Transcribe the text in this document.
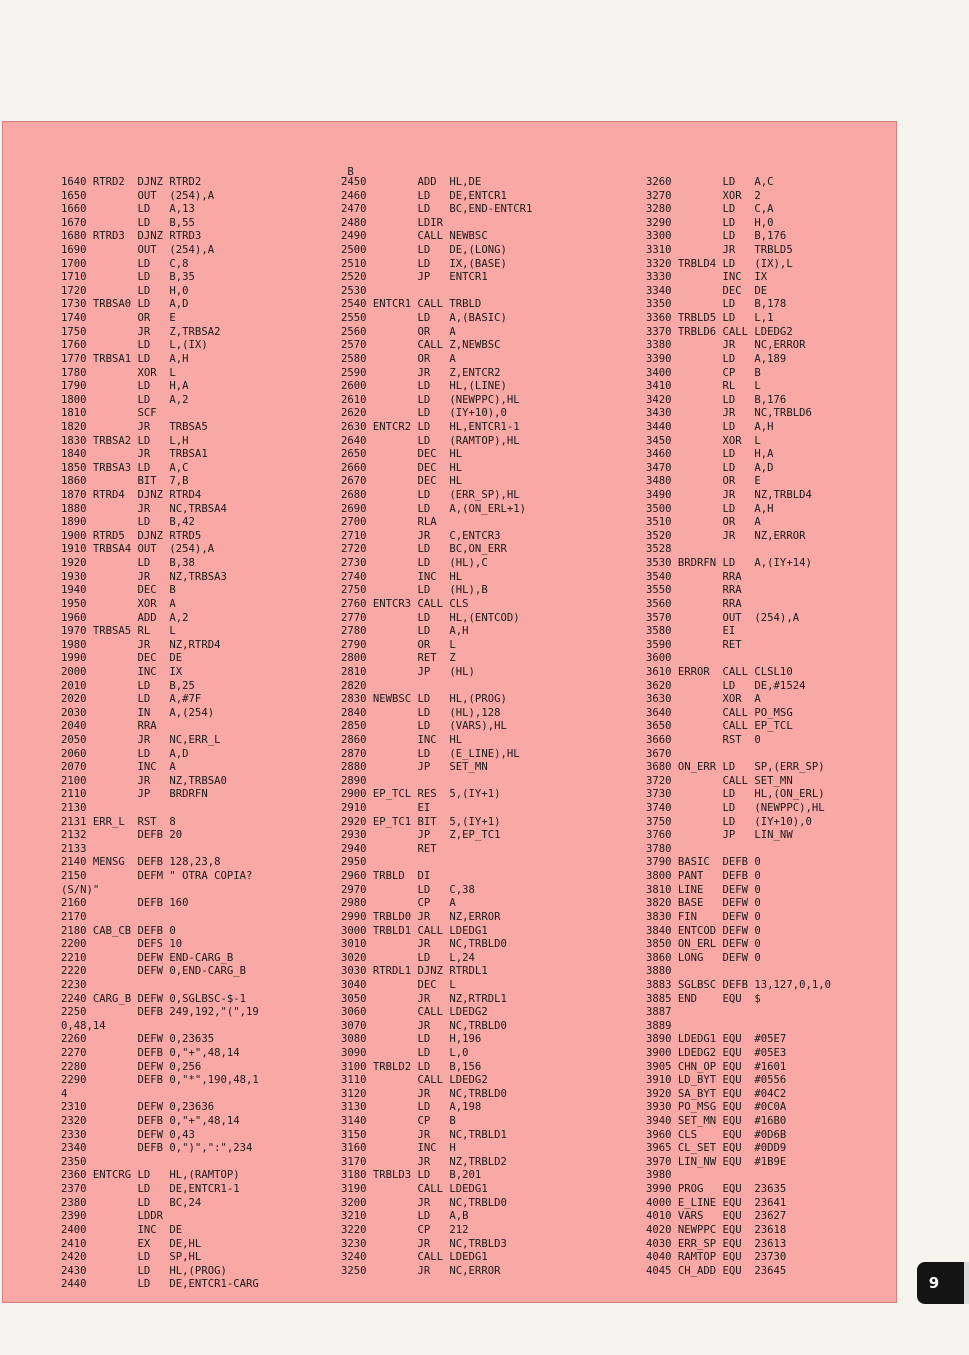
_B
1640 RTRD2  DJNZ RTRD2
1650        OUT  (254),A
1660        LD   A,13
1670        LD   B,55
1680 RTRD3  DJNZ RTRD3
1690        OUT  (254),A
1700        LD   C,8
1710        LD   B,35
1720        LD   H,0
1730 TRBSA0 LD   A,D
1740        OR   E
1750        JR   Z,TRBSA2
1760        LD   L,(IX)
1770 TRBSA1 LD   A,H
1780        XOR  L
1790        LD   H,A
1800        LD   A,2
1810        SCF
1820        JR   TRBSA5
1830 TRBSA2 LD   L,H
1840        JR   TRBSA1
1850 TRBSA3 LD   A,C
1860        BIT  7,B
1870 RTRD4  DJNZ RTRD4
1880        JR   NC,TRBSA4
1890        LD   B,42
1900 RTRD5  DJNZ RTRD5
1910 TRBSA4 OUT  (254),A
1920        LD   B,38
1930        JR   NZ,TRBSA3
1940        DEC  B
1950        XOR  A
1960        ADD  A,2
1970 TRBSA5 RL   L
1980        JR   NZ,RTRD4
1990        DEC  DE
2000        INC  IX
2010        LD   B,25
2020        LD   A,#7F
2030        IN   A,(254)
2040        RRA
2050        JR   NC,ERR_L
2060        LD   A,D
2070        INC  A
2100        JR   NZ,TRBSA0
2110        JP   BRDRFN
2130
2131 ERR_L  RST  8
2132        DEFB 20
2133
2140 MENSG  DEFB 128,23,8
2150        DEFM " OTRA COPIA?
(S/N)"
2160        DEFB 160
2170
2180 CAB_CB DEFB 0
2200        DEFS 10
2210        DEFW END-CARG_B
2220        DEFW 0,END-CARG_B
2230
2240 CARG_B DEFW 0,SGLBSC-$-1
2250        DEFB 249,192,"(",19
0,48,14
2260        DEFW 0,23635
2270        DEFB 0,"+",48,14
2280        DEFW 0,256
2290        DEFB 0,"*",190,48,1
4
2310        DEFW 0,23636
2320        DEFB 0,"+",48,14
2330        DEFW 0,43
2340        DEFB 0,")",":",234
2350
2360 ENTCRG LD   HL,(RAMTOP)
2370        LD   DE,ENTCR1-1
2380        LD   BC,24
2390        LDDR
2400        INC  DE
2410        EX   DE,HL
2420        LD   SP,HL
2430        LD   HL,(PROG)
2440        LD   DE,ENTCR1-CARG
2450        ADD  HL,DE
2460        LD   DE,ENTCR1
2470        LD   BC,END-ENTCR1
2480        LDIR
2490        CALL NEWBSC
2500        LD   DE,(LONG)
2510        LD   IX,(BASE)
2520        JP   ENTCR1
2530
2540 ENTCR1 CALL TRBLD
2550        LD   A,(BASIC)
2560        OR   A
2570        CALL Z,NEWBSC
2580        OR   A
2590        JR   Z,ENTCR2
2600        LD   HL,(LINE)
2610        LD   (NEWPPC),HL
2620        LD   (IY+10),0
2630 ENTCR2 LD   HL,ENTCR1-1
2640        LD   (RAMTOP),HL
2650        DEC  HL
2660        DEC  HL
2670        DEC  HL
2680        LD   (ERR_SP),HL
2690        LD   A,(ON_ERL+1)
2700        RLA
2710        JR   C,ENTCR3
2720        LD   BC,ON_ERR
2730        LD   (HL),C
2740        INC  HL
2750        LD   (HL),B
2760 ENTCR3 CALL CLS
2770        LD   HL,(ENTCOD)
2780        LD   A,H
2790        OR   L
2800        RET  Z
2810        JP   (HL)
2820
2830 NEWBSC LD   HL,(PROG)
2840        LD   (HL),128
2850        LD   (VARS),HL
2860        INC  HL
2870        LD   (E_LINE),HL
2880        JP   SET_MN
2890
2900 EP_TCL RES  5,(IY+1)
2910        EI
2920 EP_TC1 BIT  5,(IY+1)
2930        JP   Z,EP_TC1
2940        RET
2950
2960 TRBLD  DI
2970        LD   C,38
2980        CP   A
2990 TRBLD0 JR   NZ,ERROR
3000 TRBLD1 CALL LDEDG1
3010        JR   NC,TRBLD0
3020        LD   L,24
3030 RTRDL1 DJNZ RTRDL1
3040        DEC  L
3050        JR   NZ,RTRDL1
3060        CALL LDEDG2
3070        JR   NC,TRBLD0
3080        LD   H,196
3090        LD   L,0
3100 TRBLD2 LD   B,156
3110        CALL LDEDG2
3120        JR   NC,TRBLD0
3130        LD   A,198
3140        CP   B
3150        JR   NC,TRBLD1
3160        INC  H
3170        JR   NZ,TRBLD2
3180 TRBLD3 LD   B,201
3190        CALL LDEDG1
3200        JR   NC,TRBLD0
3210        LD   A,B
3220        CP   212
3230        JR   NC,TRBLD3
3240        CALL LDEDG1
3250        JR   NC,ERROR
3260        LD   A,C
3270        XOR  2
3280        LD   C,A
3290        LD   H,0
3300        LD   B,176
3310        JR   TRBLD5
3320 TRBLD4 LD   (IX),L
3330        INC  IX
3340        DEC  DE
3350        LD   B,178
3360 TRBLD5 LD   L,1
3370 TRBLD6 CALL LDEDG2
3380        JR   NC,ERROR
3390        LD   A,189
3400        CP   B
3410        RL   L
3420        LD   B,176
3430        JR   NC,TRBLD6
3440        LD   A,H
3450        XOR  L
3460        LD   H,A
3470        LD   A,D
3480        OR   E
3490        JR   NZ,TRBLD4
3500        LD   A,H
3510        OR   A
3520        JR   NZ,ERROR
3528
3530 BRDRFN LD   A,(IY+14)
3540        RRA
3550        RRA
3560        RRA
3570        OUT  (254),A
3580        EI
3590        RET
3600
3610 ERROR  CALL CLSL10
3620        LD   DE,#1524
3630        XOR  A
3640        CALL PO_MSG
3650        CALL EP_TCL
3660        RST  0
3670
3680 ON_ERR LD   SP,(ERR_SP)
3720        CALL SET_MN
3730        LD   HL,(ON_ERL)
3740        LD   (NEWPPC),HL
3750        LD   (IY+10),0
3760        JP   LIN_NW
3780
3790 BASIC  DEFB 0
3800 PANT   DEFB 0
3810 LINE   DEFW 0
3820 BASE   DEFW 0
3830 FIN    DEFW 0
3840 ENTCOD DEFW 0
3850 ON_ERL DEFW 0
3860 LONG   DEFW 0
3880
3883 SGLBSC DEFB 13,127,0,1,0
3885 END    EQU  $
3887
3889
3890 LDEDG1 EQU  #05E7
3900 LDEDG2 EQU  #05E3
3905 CHN_OP EQU  #1601
3910 LD_BYT EQU  #0556
3920 SA_BYT EQU  #04C2
3930 PO_MSG EQU  #0C0A
3940 SET_MN EQU  #16B0
3960 CLS    EQU  #0D6B
3965 CL_SET EQU  #0DD9
3970 LIN_NW EQU  #1B9E
3980
3990 PROG   EQU  23635
4000 E_LINE EQU  23641
4010 VARS   EQU  23627
4020 NEWPPC EQU  23618
4030 ERR_SP EQU  23613
4040 RAMTOP EQU  23730
4045 CH_ADD EQU  23645
9
